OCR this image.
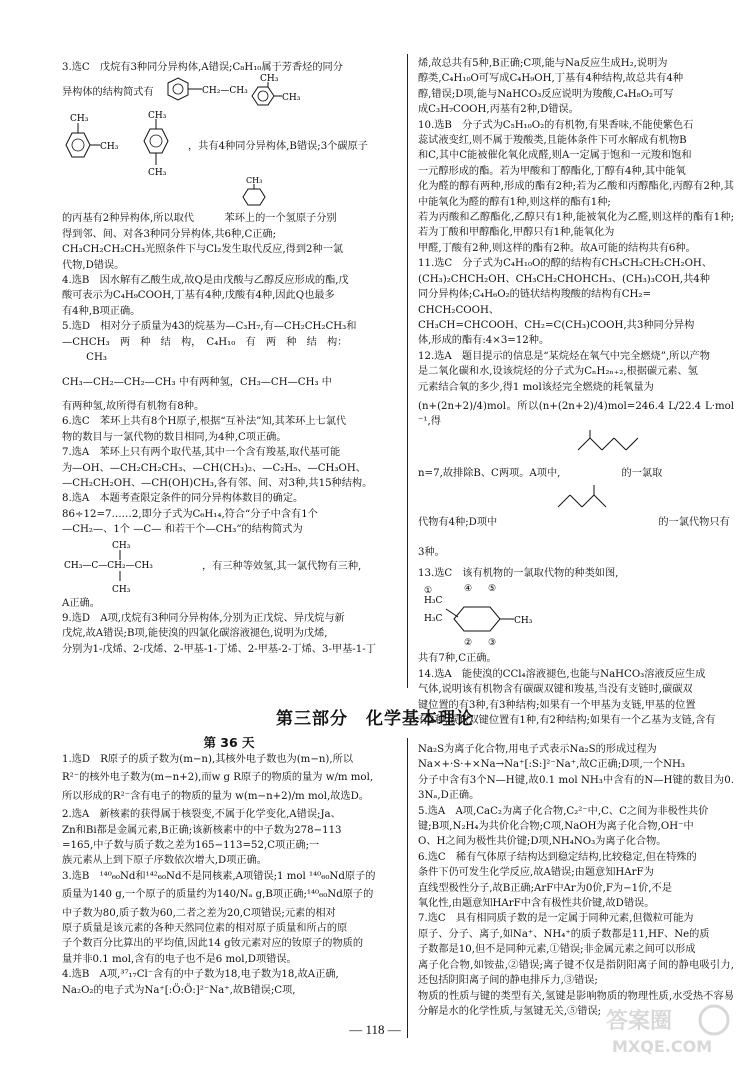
3.选C　戊烷有3种同分异构体,A错误;C₈H₁₀属于芳香烃的同分

异构体的结构简式有	CH₂—CH₃
CH₃
CH₃
CH₃
CH₃
CH₃
CH₃
，共有4种同分异构体,B错误;3个碳原子
CH₃

的丙基有2种异构体,所以取代　　　苯环上的一个氢原子分别

得到邻、间、对各3种同分异构体,共6种,C正确;

CH₃CH₂CH₂CH₃光照条件下与Cl₂发生取代反应,得到2种一氯

代物,D错误。

4.选B　因水解有乙酸生成,故Q是由戊酸与乙醇反应形成的酯,戊

酸可表示为C₄H₉COOH,丁基有4种,戊酸有4种,因此Q也最多

有4种,B项正确。

5.选D　相对分子质量为43的烷基为—C₃H₇,有—CH₂CH₂CH₃和

—CHCH₃　两　种　结　构，　C₄H₁₀　有　两　种　结　构：

　CH₃

CH₃—CH₂—CH₂—CH₃ 中有两种氢，CH₃—CH—CH₃ 中

有两种氢,故所得有机物有8种。

6.选C　苯环上共有8个H原子,根据“互补法”知,其苯环上七氯代

物的数目与一氯代物的数目相同,为4种,C项正确。

7.选A　苯环上只有两个取代基,其中一个含有羧基,取代基可能

为—OH、—CH₂CH₂CH₃、—CH(CH₃)₂、—C₂H₅、—CH₃OH、

—CH₂CH₂OH、—CH(OH)CH₃,各有邻、间、对3种,共15种结构。

8.选A　本题考查限定条件的同分异构体数目的确定。

86÷12=7……2,即分子式为C₆H₁₄,符合“分子中含有1个

—CH₂—、1个 —C— 和若干个—CH₃”的结构简式为

CH₃
CH₃—C—CH₂—CH₃
CH₃
，有三种等效氢,其一氯代物有三种,

A正确。

9.选D　A项,戊烷有3种同分异构体,分别为正戊烷、异戊烷与新

戊烷,故A错误;B项,能使溴的四氯化碳溶液褪色,说明为戊烯,

分别为1-戊烯、2-戊烯、2-甲基-1-丁烯、2-甲基-2-丁烯、3-甲基-1-丁

烯,故总共有5种,B正确;C项,能与Na反应生成H₂,说明为

醇类,C₄H₁₀O可写成C₄H₉OH,丁基有4种结构,故总共有4种

醇,错误;D项,能与NaHCO₃反应说明为羧酸,C₄H₈O₂可写

成C₃H₇COOH,丙基有2种,D错误。

10.选B　分子式为C₅H₁₀O₂的有机物,有果香味,不能使紫色石

蕊试液变红,则不属于羧酸类,且能体条件下可水解成有机物B

和C,其中C能被催化氧化成醛,则A一定属于饱和一元羧和饱和

一元醇形成的酯。若为甲酸和丁醇酯化,丁醇有4种,其中能氧

化为醛的醇有两种,形成的酯有2种;若为乙酸和丙醇酯化,丙醇有2种,其中能氧化为醛的醇有1种,则这样的酯有1种;

若为丙酸和乙醇酯化,乙醇只有1种,能被氧化为乙醛,则这样的酯有1种;若为丁酸和甲醇酯化,甲醇只有1种,能氧化为

甲醛,丁酸有2种,则这样的酯有2种。故A可能的结构共有6种。

11.选C　分子式为C₄H₁₀O的醇的结构有CH₃CH₂CH₂CH₂OH、

(CH₃)₂CHCH₂OH、CH₃CH₂CHOHCH₃、(CH₃)₃COH,共4种

同分异构体;C₄H₆O₂的链状结构羧酸的结构有CH₂=

CHCH₂COOH、

CH₃CH=CHCOOH、CH₂=C(CH₃)COOH,共3种同分异构

体,形成的酯有:4×3=12种。

12.选A　题目提示的信息是“某烷烃在氧气中完全燃烧”,所以产物

是二氧化碳和水,设该烷烃的分子式为CₙH₂ₙ₊₂,根据碳元素、氢

元素结合氧的多少,得1 mol该烃完全燃烧的耗氧量为

(n+(2n+2)/4)mol。所以(n+(2n+2)/4)mol=246.4 L/22.4 L·mol⁻¹,得

n=7,故排除B、C两项。A项中,　　　　　　的一氯取

代物有4种;D项中	　　　　　　的一氯代物只有

3种。

13.选C　该有机物的一氯取代物的种类如图,

①	④ ⑤
H₃C
H₃C
CH₃
② ③

共有7种,C正确。

14.选A　能使溴的CCl₄溶液褪色,也能与NaHCO₃溶液反应生成

气体,说明该有机物含有碳碳双键和羧基,当没有支链时,碳碳双

键位置的有3种,有3种结构;如果有一个甲基为支链,甲基的位置

有2种,碳碳双键位置有1种,有2种结构;如果有一个乙基为支链,含有

第三部分　化学基本理论
第 36 天

1.选D　R原子的质子数为(m−n),其核外电子数也为(m−n),所以

R²⁻的核外电子数为(m−n+2),而w g R原子的物质的量为 w/m mol,

所以形成的R²⁻含有电子的物质的量为 w(m−n+2)/m mol,故选D。

2.选A　新核素的获得属于核裂变,不属于化学变化,A错误;Ja、

Zn和Bi都是金属元素,B正确;该新核素中的中子数为278−113

=165,中子数与质子数之差为165−113=52,C项正确;一

族元素从上到下原子序数依次增大,D项正确。

3.选B　¹⁴⁰₆₀Nd和¹⁴²₆₀Nd不是同核素,A项错误;1 mol ¹⁴⁰₆₀Nd原子的

质量为140 g,一个原子的质量约为140/Nₐ g,B项正确;¹⁴⁰₆₀Nd原子的

中子数为80,质子数为60,二者之差为20,C项错误;元素的相对

原子质量是该元素的各种天然同位素的相对原子质量和所占的原

子个数百分比算出的平均值,因此14 g钕元素对应的钕原子的物质的

量并非0.1 mol,含有的电子也不是6 mol,D项错误。

4.选B　A项,³⁷₁₇Cl⁻含有的中子数为18,电子数为18,故A正确,

Na₂O₂的电子式为Na⁺[:Ö:Ö:]²⁻Na⁺,故B错误;C项,

Na₂S为离子化合物,用电子式表示Na₂S的形成过程为

Na×+·S·+×Na→Na⁺[:S:]²⁻Na⁺,故C正确;D项,一个NH₃

分子中含有3个N—H键,故0.1 mol NH₃中含有的N—H键的数目为0.3Nₐ,D正确。

5.选A　A项,CaC₂为离子化合物,C₂²⁻中,C、C之间为非极性共价

键;B项,N₂H₄为共价化合物;C项,NaOH为离子化合物,OH⁻中

O、H之间为极性共价键;D项,NH₄NO₃为离子化合物。

6.选C　稀有气体原子结构达到稳定结构,比较稳定,但在特殊的

条件下仍可发生化学反应,故A错误;由题意知HArF为

直线型极性分子,故B正确;ArF中Ar为0价,F为−1价,不是

氧化性,由题意知HArF中含有极性共价键,故D错误。

7.选C　具有相同质子数的是一定属于同种元素,但微粒可能为

原子、分子、离子,如Na⁺、NH₄⁺的质子数都是11,HF、Ne的质

子数都是10,但不是同种元素,①错误;非金属元素之间可以形成

离子化合物,如铵盐,②错误;离子键不仅是指阴阳离子间的静电吸引力,还包括阴阳离子间的静电排斥力,③错误;

物质的性质与键的类型有关,氢键是影响物质的物理性质,水受热不容易分解是水的化学性质,与氢键无关,⑤错误;

— 118 —	答案圈
MXQE.COM
